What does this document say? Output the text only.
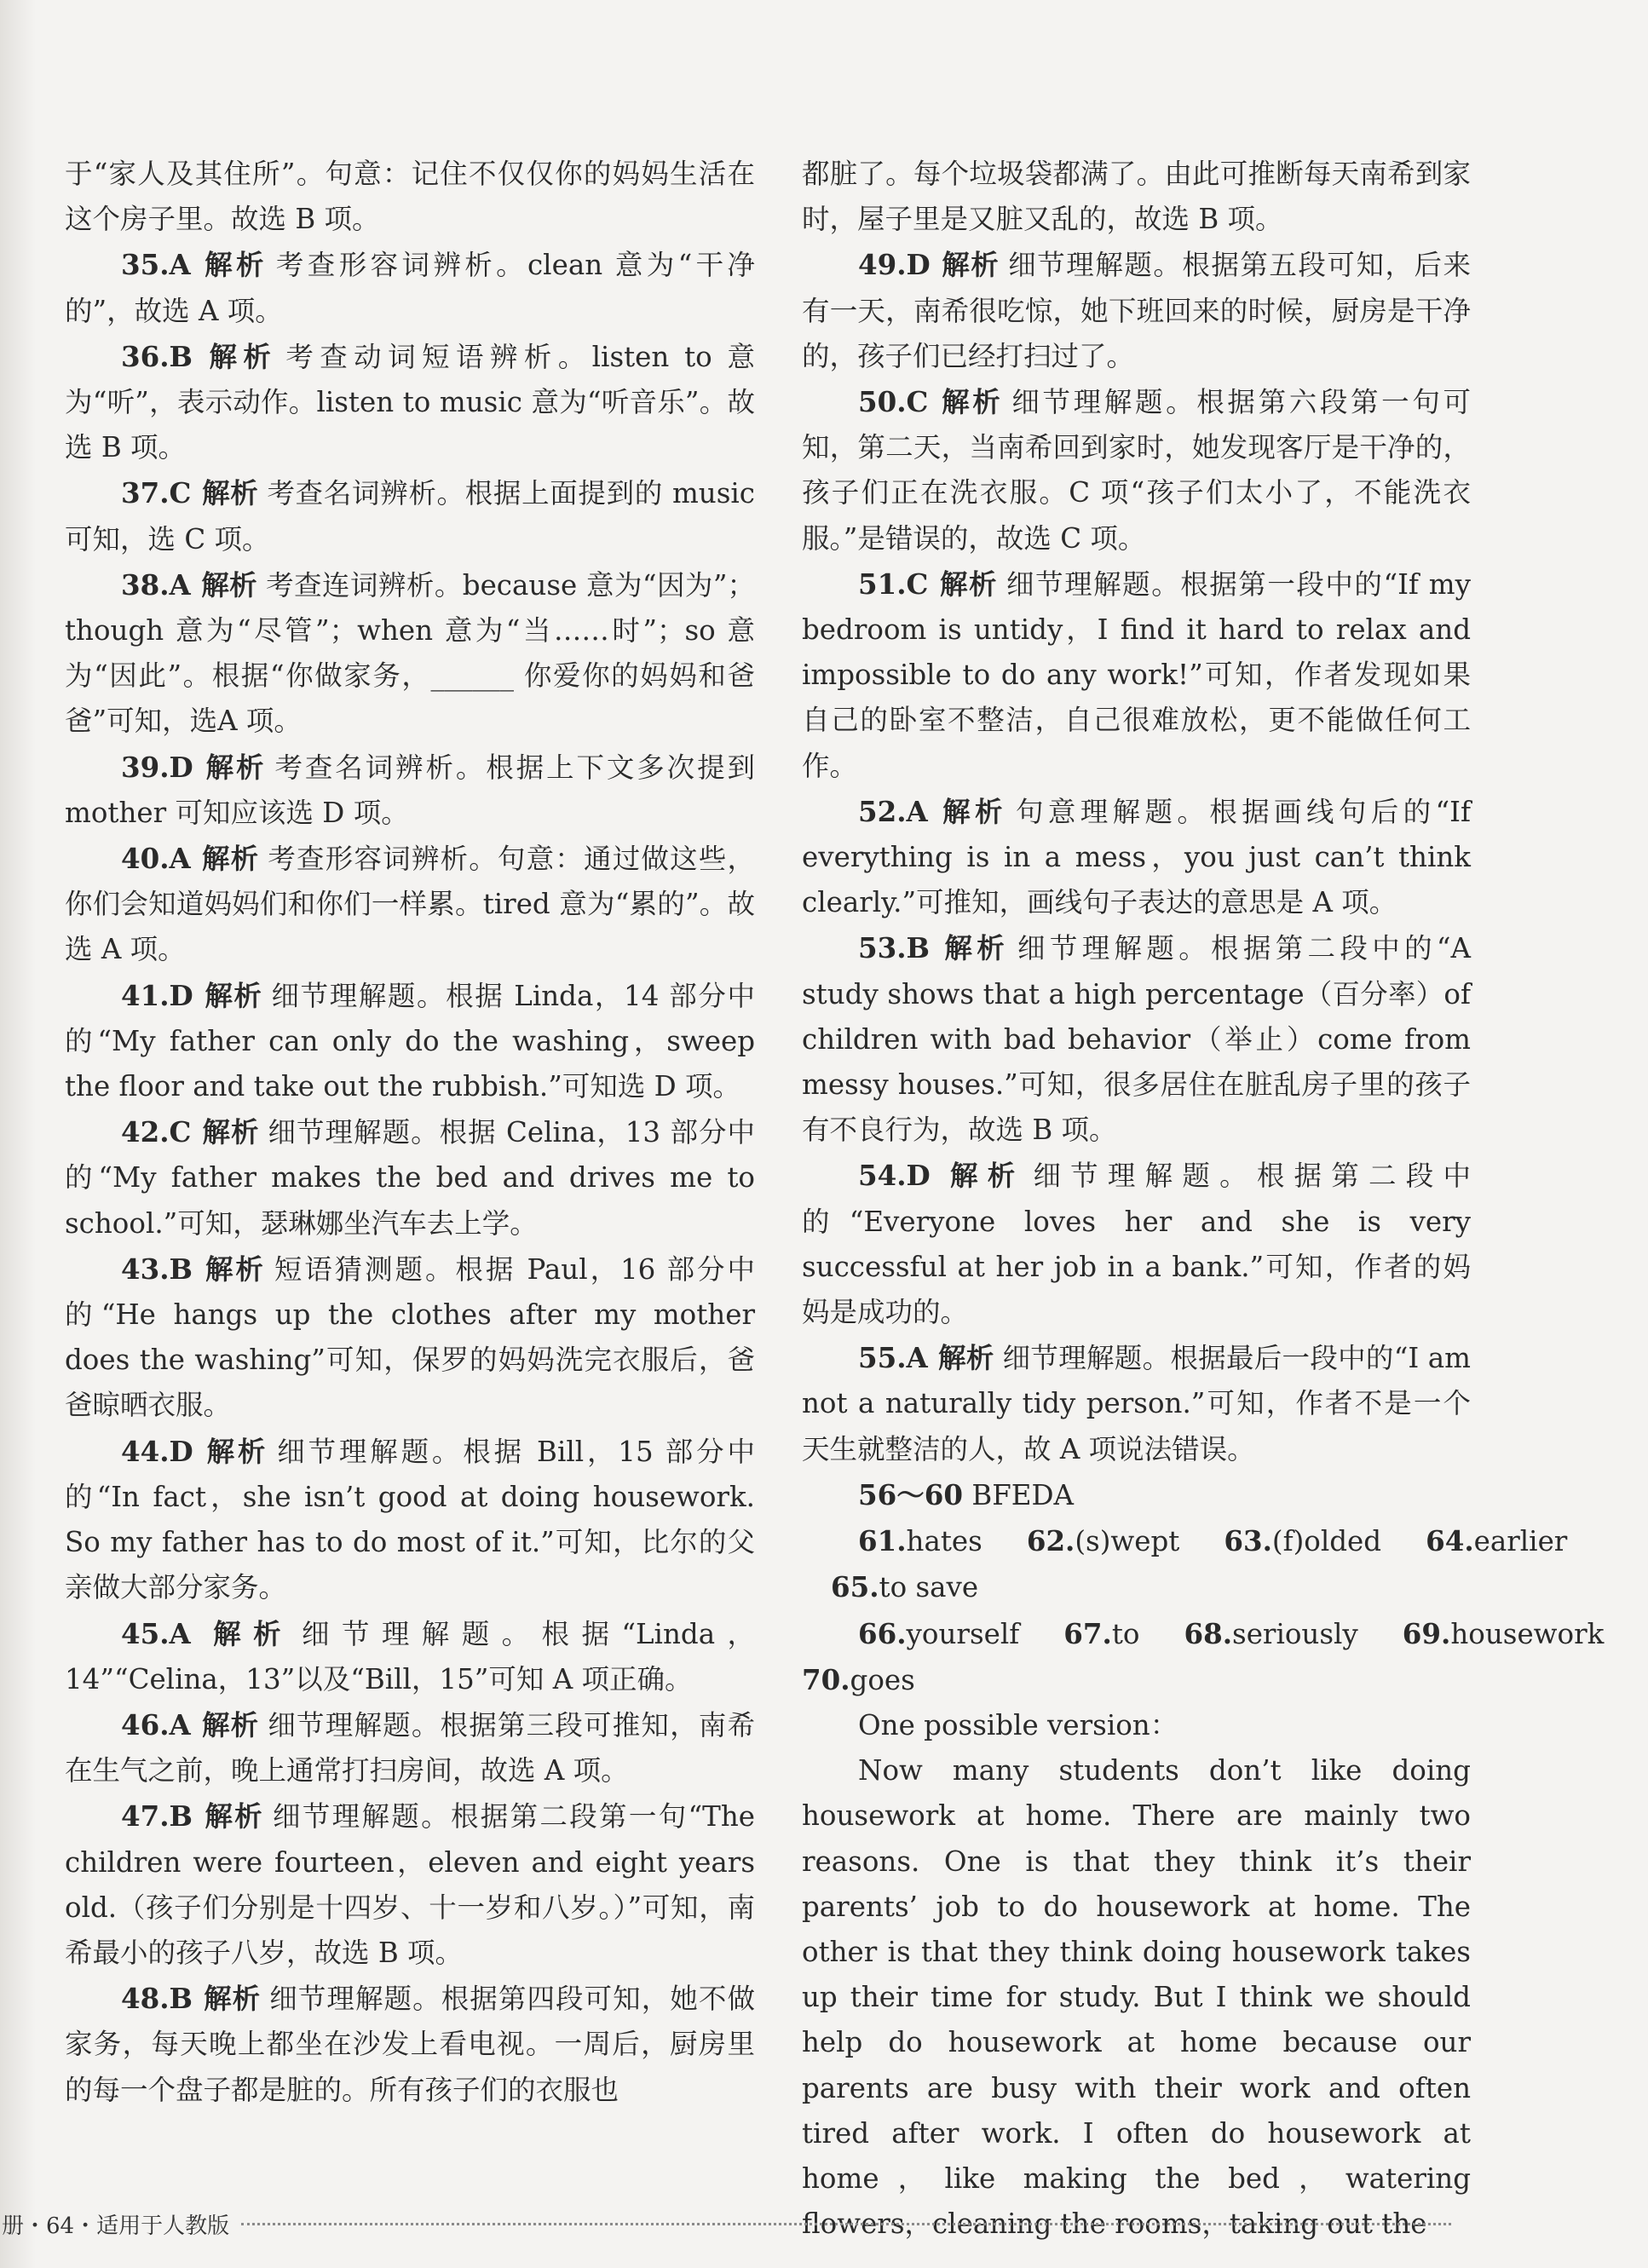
于“家人及其住所”。句意：记住不仅仅你的妈妈生活在这个房子里。故选 B 项。

35.A 解析 考查形容词辨析。clean 意为“干净的”，故选 A 项。

36.B 解析 考查动词短语辨析。listen to 意为“听”，表示动作。listen to music 意为“听音乐”。故选 B 项。

37.C 解析 考查名词辨析。根据上面提到的 music 可知，选 C 项。

38.A 解析 考查连词辨析。because 意为“因为”；though 意为“尽管”；when 意为“当……时”；so 意为“因此”。根据“你做家务，______ 你爱你的妈妈和爸爸”可知，选A 项。

39.D 解析 考查名词辨析。根据上下文多次提到 mother 可知应该选 D 项。

40.A 解析 考查形容词辨析。句意：通过做这些，你们会知道妈妈们和你们一样累。tired 意为“累的”。故选 A 项。

41.D 解析 细节理解题。根据 Linda，14 部分中的“My father can only do the washing，sweep the floor and take out the rubbish.”可知选 D 项。

42.C 解析 细节理解题。根据 Celina，13 部分中的“My father makes the bed and drives me to school.”可知，瑟琳娜坐汽车去上学。

43.B 解析 短语猜测题。根据 Paul，16 部分中的“He hangs up the clothes after my mother does the washing”可知，保罗的妈妈洗完衣服后，爸爸晾晒衣服。

44.D 解析 细节理解题。根据 Bill，15 部分中的“In fact，she isn’t good at doing housework. So my father has to do most of it.”可知，比尔的父亲做大部分家务。

45.A 解析 细节理解题。根据“Linda，14”“Celina，13”以及“Bill，15”可知 A 项正确。

46.A 解析 细节理解题。根据第三段可推知，南希在生气之前，晚上通常打扫房间，故选 A 项。

47.B 解析 细节理解题。根据第二段第一句“The children were fourteen，eleven and eight years old.（孩子们分别是十四岁、十一岁和八岁。）”可知，南希最小的孩子八岁，故选 B 项。

48.B 解析 细节理解题。根据第四段可知，她不做家务，每天晚上都坐在沙发上看电视。一周后，厨房里的每一个盘子都是脏的。所有孩子们的衣服也

都脏了。每个垃圾袋都满了。由此可推断每天南希到家时，屋子里是又脏又乱的，故选 B 项。

49.D 解析 细节理解题。根据第五段可知，后来有一天，南希很吃惊，她下班回来的时候，厨房是干净的，孩子们已经打扫过了。

50.C 解析 细节理解题。根据第六段第一句可知，第二天，当南希回到家时，她发现客厅是干净的，孩子们正在洗衣服。C 项“孩子们太小了，不能洗衣服。”是错误的，故选 C 项。

51.C 解析 细节理解题。根据第一段中的“If my bedroom is untidy，I find it hard to relax and impossible to do any work!”可知，作者发现如果自己的卧室不整洁，自己很难放松，更不能做任何工作。

52.A 解析 句意理解题。根据画线句后的“If everything is in a mess，you just can’t think clearly.”可推知，画线句子表达的意思是 A 项。

53.B 解析 细节理解题。根据第二段中的“A study shows that a high percentage（百分率）of children with bad behavior（举止）come from messy houses.”可知，很多居住在脏乱房子里的孩子有不良行为，故选 B 项。

54.D 解析 细节理解题。根据第二段中的“Everyone loves her and she is very successful at her job in a bank.”可知，作者的妈妈是成功的。

55.A 解析 细节理解题。根据最后一段中的“I am not a naturally tidy person.”可知，作者不是一个天生就整洁的人，故 A 项说法错误。

56～60 BFEDA

61.hates 62.(s)wept 63.(f)olded 64.earlier

65.to save

66.yourself 67.to 68.seriously 69.housework

70.goes

One possible version：

Now many students don’t like doing housework at home. There are mainly two reasons. One is that they think it’s their parents’ job to do housework at home. The other is that they think doing housework takes up their time for study. But I think we should help do housework at home because our parents are busy with their work and often tired after work. I often do housework at home，like making the bed，watering flowers，cleaning the rooms，taking out the

册・64・适用于人教版
